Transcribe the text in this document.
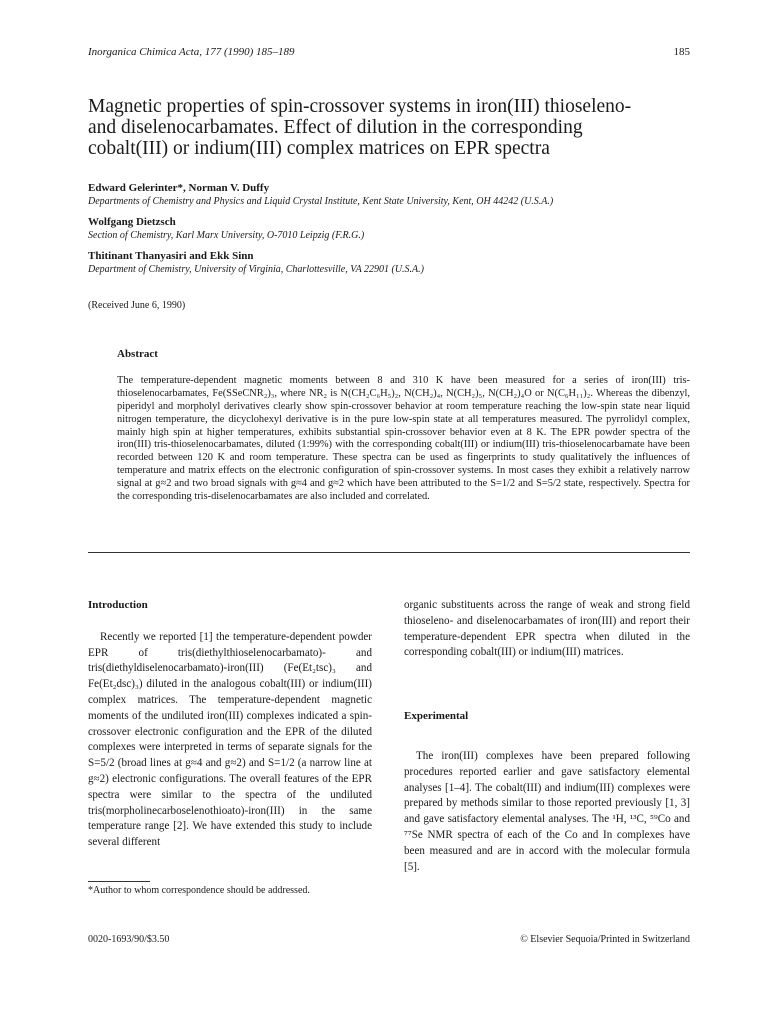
Inorganica Chimica Acta, 177 (1990) 185–189	185
Magnetic properties of spin-crossover systems in iron(III) thioseleno-
and diselenocarbamates. Effect of dilution in the corresponding
cobalt(III) or indium(III) complex matrices on EPR spectra
Edward Gelerinter*, Norman V. Duffy
Departments of Chemistry and Physics and Liquid Crystal Institute, Kent State University, Kent, OH 44242 (U.S.A.)
Wolfgang Dietzsch
Section of Chemistry, Karl Marx University, O-7010 Leipzig (F.R.G.)
Thitinant Thanyasiri and Ekk Sinn
Department of Chemistry, University of Virginia, Charlottesville, VA 22901 (U.S.A.)
(Received June 6, 1990)
Abstract

The temperature-dependent magnetic moments between 8 and 310 K have been measured for a series of iron(III) tris-thioselenocarbamates, Fe(SSeCNR₂)₃, where NR₂ is N(CH₂C₆H₅)₂, N(CH₂)₄, N(CH₂)₅, N(CH₂)₄O or N(C₆H₁₁)₂. Whereas the dibenzyl, piperidyl and morpholyl derivatives clearly show spin-crossover behavior at room temperature reaching the low-spin state near liquid nitrogen temperature, the dicyclohexyl derivative is in the pure low-spin state at all temperatures measured. The pyrrolidyl complex, mainly high spin at higher temperatures, exhibits substantial spin-crossover behavior even at 8 K. The EPR powder spectra of the iron(III) tris-thioselenocarbamates, diluted (1:99%) with the corresponding cobalt(III) or indium(III) tris-thioselenocarbamate have been recorded between 120 K and room temperature. These spectra can be used as fingerprints to study qualitatively the influences of temperature and matrix effects on the electronic configuration of spin-crossover systems. In most cases they exhibit a relatively narrow signal at g≈2 and two broad signals with g≈4 and g≈2 which have been attributed to the S=1/2 and S=5/2 state, respectively. Spectra for the corresponding tris-diselenocarbamates are also included and correlated.

Introduction

Recently we reported [1] the temperature-dependent powder EPR of tris(diethylthioselenocarbamato)- and tris(diethyldiselenocarbamato)-iron(III) (Fe(Et₂tsc)₃ and Fe(Et₂dsc)₃) diluted in the analogous cobalt(III) or indium(III) complex matrices. The temperature-dependent magnetic moments of the undiluted iron(III) complexes indicated a spin-crossover electronic configuration and the EPR of the diluted complexes were interpreted in terms of separate signals for the S=5/2 (broad lines at g≈4 and g≈2) and S=1/2 (a narrow line at g≈2) electronic configurations. The overall features of the EPR spectra were similar to the spectra of the undiluted tris(morpholinecarboselenothioato)-iron(III) in the same temperature range [2]. We have extended this study to include several different

organic substituents across the range of weak and strong field thioseleno- and diselenocarbamates of iron(III) and report their temperature-dependent EPR spectra when diluted in the corresponding cobalt(III) or indium(III) matrices.

Experimental

The iron(III) complexes have been prepared following procedures reported earlier and gave satisfactory elemental analyses [1–4]. The cobalt(III) and indium(III) complexes were prepared by methods similar to those reported previously [1, 3] and gave satisfactory elemental analyses. The ¹H, ¹³C, ⁵⁹Co and ⁷⁷Se NMR spectra of each of the Co and In complexes have been measured and are in accord with the molecular formula [5].

*Author to whom correspondence should be addressed.
0020-1693/90/$3.50	© Elsevier Sequoia/Printed in Switzerland
